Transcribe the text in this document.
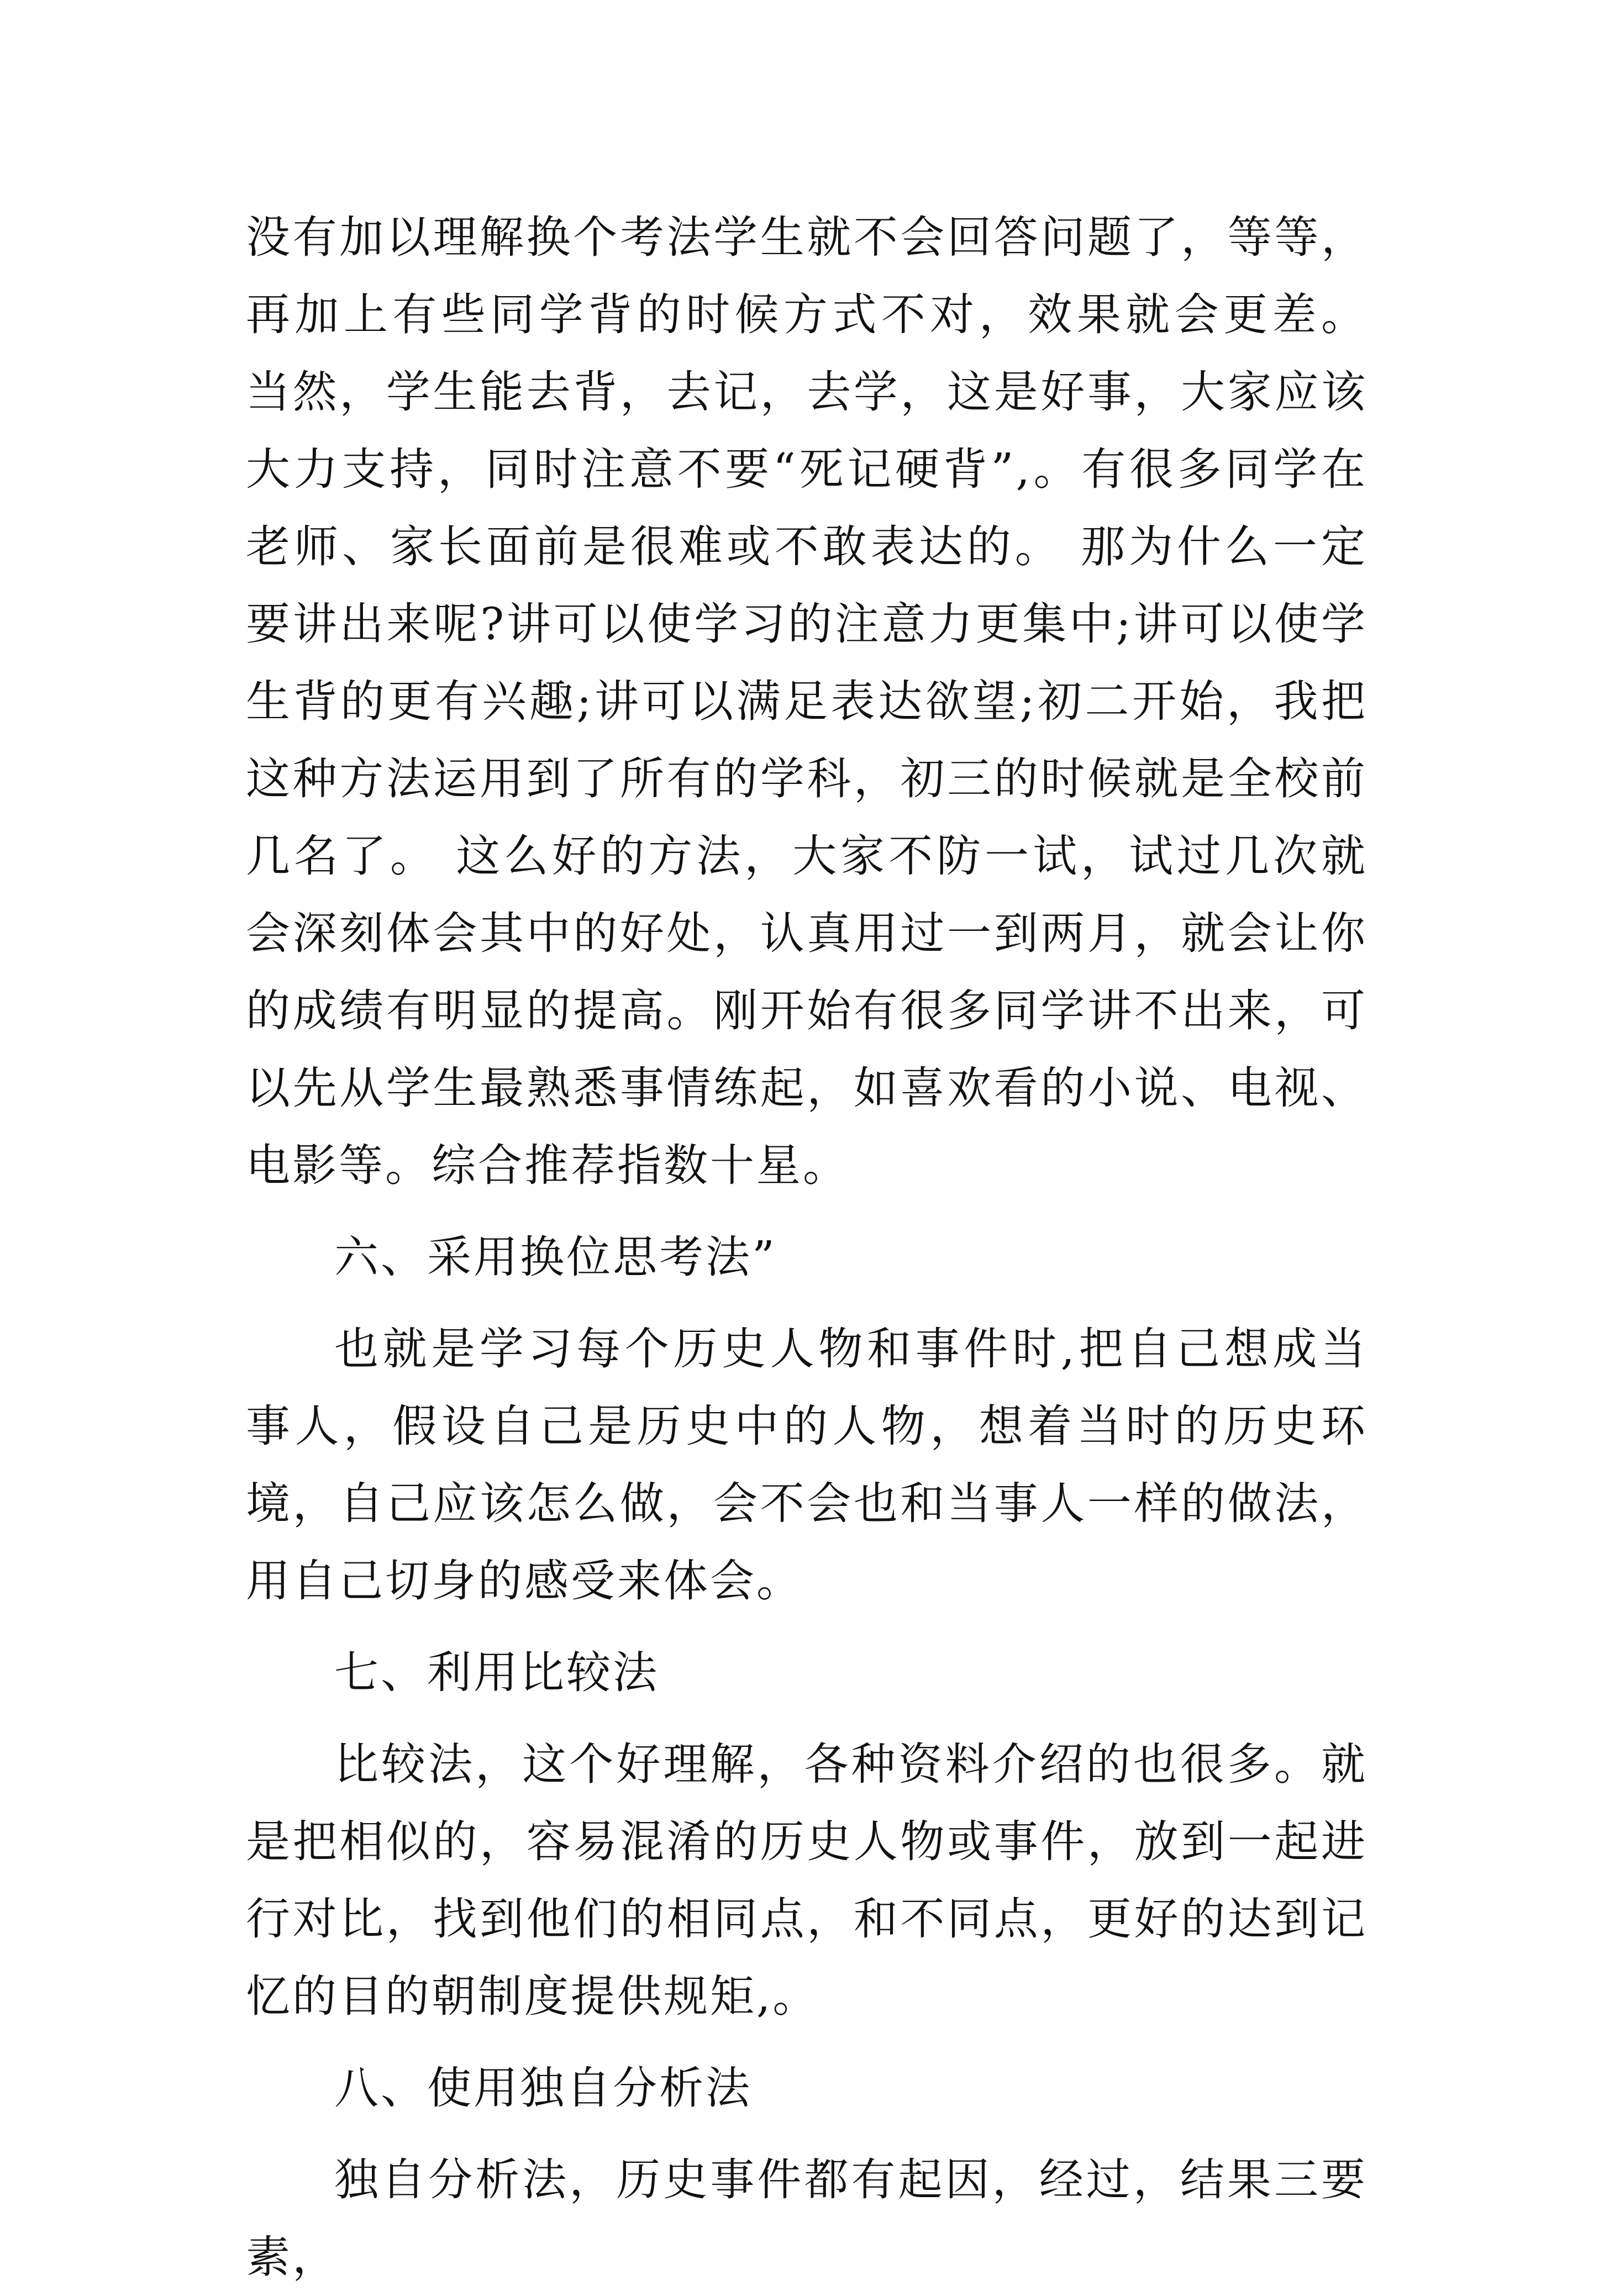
没有加以理解换个考法学生就不会回答问题了，等等，再加上有些同学背的时候方式不对，效果就会更差。 当然，学生能去背，去记，去学，这是好事，大家应该大力支持，同时注意不要“死记硬背”,。有很多同学在老师、家长面前是很难或不敢表达的。 那为什么一定要讲出来呢?讲可以使学习的注意力更集中;讲可以使学生背的更有兴趣;讲可以满足表达欲望;初二开始，我把这种方法运用到了所有的学科，初三的时候就是全校前几名了。 这么好的方法，大家不防一试，试过几次就会深刻体会其中的好处，认真用过一到两月，就会让你的成绩有明显的提高。刚开始有很多同学讲不出来，可以先从学生最熟悉事情练起，如喜欢看的小说、电视、电影等。综合推荐指数十星。

六、采用换位思考法”

也就是学习每个历史人物和事件时,把自己想成当事人，假设自己是历史中的人物，想着当时的历史环境，自己应该怎么做，会不会也和当事人一样的做法，用自己切身的感受来体会。

七、利用比较法

比较法，这个好理解，各种资料介绍的也很多。就是把相似的，容易混淆的历史人物或事件，放到一起进行对比，找到他们的相同点，和不同点，更好的达到记忆的目的朝制度提供规矩,。

八、使用独自分析法

独自分析法，历史事件都有起因，经过，结果三要素，
